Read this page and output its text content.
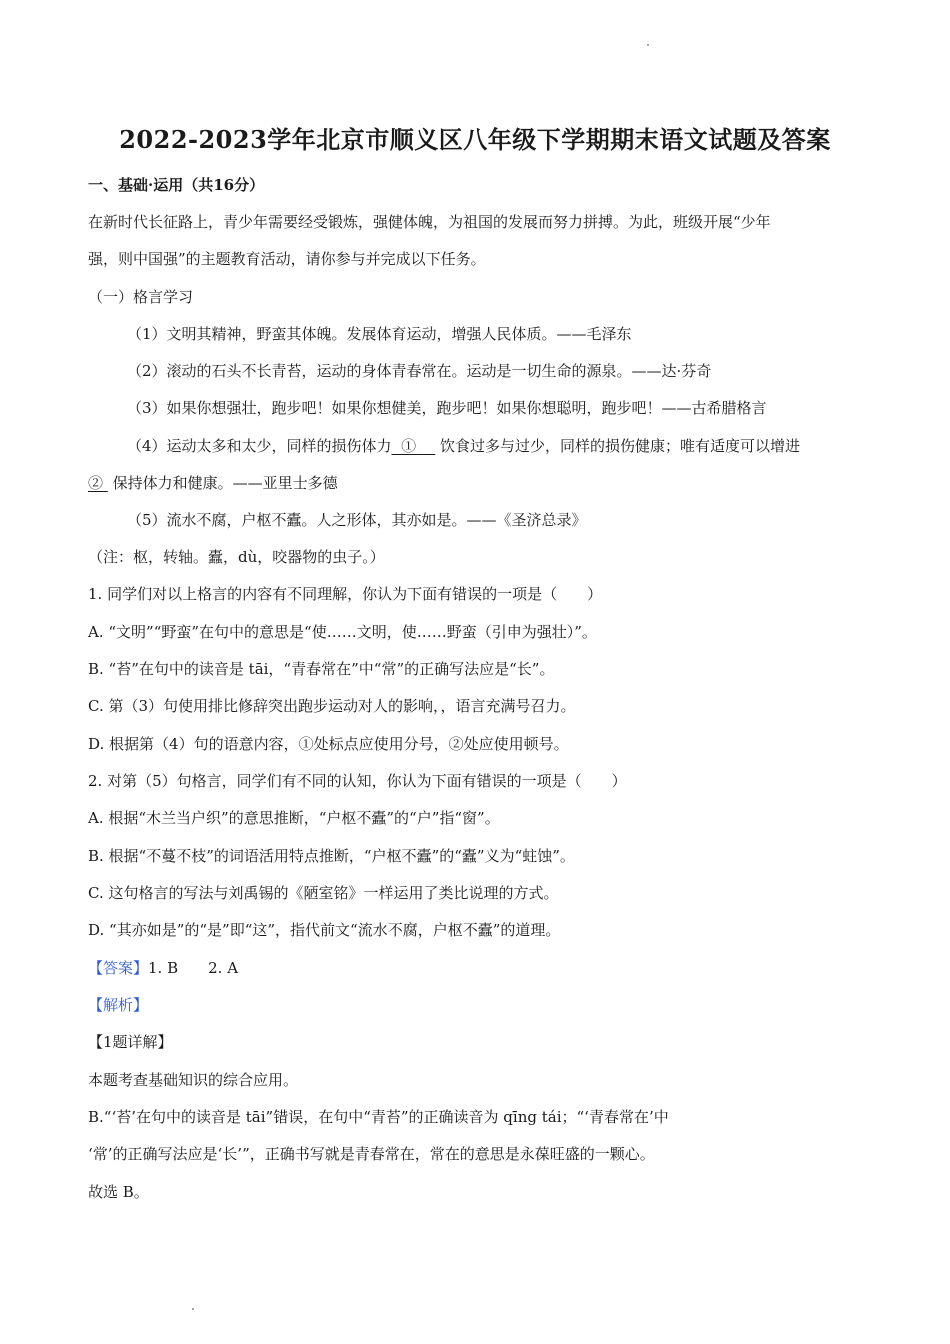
2022-2023学年北京市顺义区八年级下学期期末语文试题及答案
一、基础·运用（共16分）
在新时代长征路上，青少年需要经受锻炼，强健体魄，为祖国的发展而努力拼搏。为此，班级开展“少年
强，则中国强”的主题教育活动，请你参与并完成以下任务。
（一）格言学习
（1）文明其精神，野蛮其体魄。发展体育运动，增强人民体质。——毛泽东
（2）滚动的石头不长青苔，运动的身体青春常在。运动是一切生命的源泉。——达·芬奇
（3）如果你想强壮，跑步吧！如果你想健美，跑步吧！如果你想聪明，跑步吧！——古希腊格言
（4）运动太多和太少，同样的损伤体力 ① 饮食过多与过少，同样的损伤健康；唯有适度可以增进
② 保持体力和健康。——亚里士多德
（5）流水不腐，户枢不蠹。人之形体，其亦如是。——《圣济总录》
（注：枢，转轴。蠹，dù，咬器物的虫子。）
1. 同学们对以上格言的内容有不同理解，你认为下面有错误的一项是（　　）
A. “文明”“野蛮”在句中的意思是“使……文明，使……野蛮（引申为强壮）”。
B. “苔”在句中的读音是 tāi，“青春常在”中“常”的正确写法应是“长”。
C. 第（3）句使用排比修辞突出跑步运动对人的影响，，语言充满号召力。
D. 根据第（4）句的语意内容，①处标点应使用分号，②处应使用顿号。
2. 对第（5）句格言，同学们有不同的认知，你认为下面有错误的一项是（　　）
A. 根据“木兰当户织”的意思推断，“户枢不蠹”的“户”指“窗”。
B. 根据“不蔓不枝”的词语活用特点推断，“户枢不蠹”的“蠹”义为“蛀蚀”。
C. 这句格言的写法与刘禹锡的《陋室铭》一样运用了类比说理的方式。
D. “其亦如是”的“是”即“这”，指代前文“流水不腐，户枢不蠹”的道理。
【答案】1. B　　2. A
【解析】
【1题详解】
本题考查基础知识的综合应用。
B.“‘苔’在句中的读音是 tāi”错误，在句中“青苔”的正确读音为 qīng tái；“‘青春常在’中
‘常’的正确写法应是‘长’”，正确书写就是青春常在，常在的意思是永葆旺盛的一颗心。
故选 B。
